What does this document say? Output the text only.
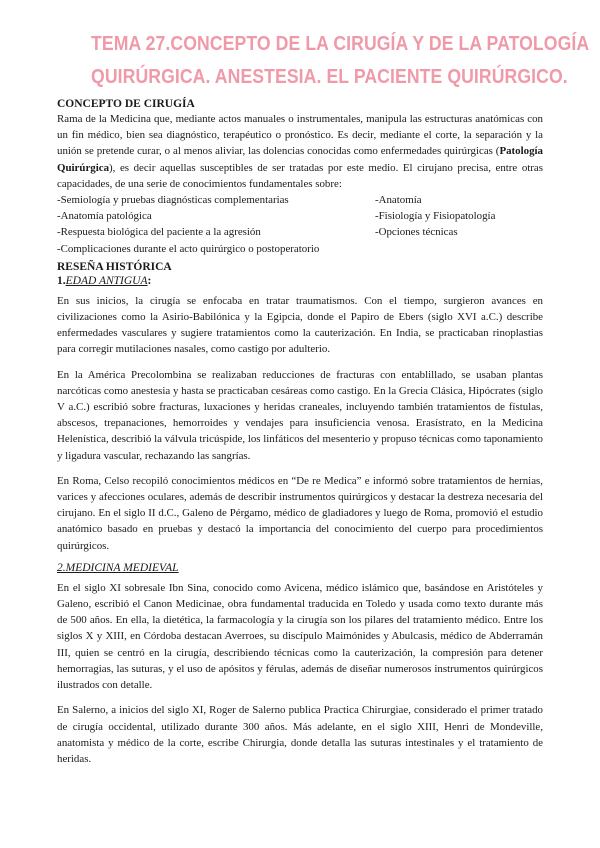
TEMA 27.CONCEPTO DE LA CIRUGÍA Y DE LA PATOLOGÍA
QUIRÚRGICA. ANESTESIA. EL PACIENTE QUIRÚRGICO.
CONCEPTO DE CIRUGÍA

Rama de la Medicina que, mediante actos manuales o instrumentales, manipula las estructuras anatómicas con un fin médico, bien sea diagnóstico, terapéutico o pronóstico. Es decir, mediante el corte, la separación y la unión se pretende curar, o al menos aliviar, las dolencias conocidas como enfermedades quirúrgicas (Patología Quirúrgica), es decir aquellas susceptibles de ser tratadas por este medio. El cirujano precisa, entre otras capacidades, de una serie de conocimientos fundamentales sobre:

-Semiología y pruebas diagnósticas complementarias	-Anatomía
-Anatomía patológica	-Fisiología y Fisiopatología
-Respuesta biológica del paciente a la agresión	-Opciones técnicas
-Complicaciones durante el acto quirúrgico o postoperatorio
RESEÑA HISTÓRICA
1.EDAD ANTIGUA:

En sus inicios, la cirugía se enfocaba en tratar traumatismos. Con el tiempo, surgieron avances en civilizaciones como la Asirio-Babilónica y la Egipcia, donde el Papiro de Ebers (siglo XVI a.C.) describe enfermedades vasculares y sugiere tratamientos como la cauterización. En India, se practicaban rinoplastias para corregir mutilaciones nasales, como castigo por adulterio.

En la América Precolombina se realizaban reducciones de fracturas con entablillado, se usaban plantas narcóticas como anestesia y hasta se practicaban cesáreas como castigo. En la Grecia Clásica, Hipócrates (siglo V a.C.) escribió sobre fracturas, luxaciones y heridas craneales, incluyendo también tratamientos de fístulas, abscesos, trepanaciones, hemorroides y vendajes para insuficiencia venosa. Erasístrato, en la Medicina Helenística, describió la válvula tricúspide, los linfáticos del mesenterio y propuso técnicas como taponamiento y ligadura vascular, rechazando las sangrías.

En Roma, Celso recopiló conocimientos médicos en “De re Medica” e informó sobre tratamientos de hernias, varices y afecciones oculares, además de describir instrumentos quirúrgicos y destacar la destreza necesaria del cirujano. En el siglo II d.C., Galeno de Pérgamo, médico de gladiadores y luego de Roma, promovió el estudio anatómico basado en pruebas y destacó la importancia del conocimiento del cuerpo para procedimientos quirúrgicos.

2.MEDICINA MEDIEVAL

En el siglo XI sobresale Ibn Sina, conocido como Avicena, médico islámico que, basándose en Aristóteles y Galeno, escribió el Canon Medicinae, obra fundamental traducida en Toledo y usada como texto durante más de 500 años. En ella, la dietética, la farmacología y la cirugía son los pilares del tratamiento médico. Entre los siglos X y XIII, en Córdoba destacan Averroes, su discípulo Maimónides y Abulcasis, médico de Abderramán III, quien se centró en la cirugía, describiendo técnicas como la cauterización, la compresión para detener hemorragias, las suturas, y el uso de apósitos y férulas, además de diseñar numerosos instrumentos quirúrgicos ilustrados con detalle.

En Salerno, a inicios del siglo XI, Roger de Salerno publica Practica Chirurgiae, considerado el primer tratado de cirugía occidental, utilizado durante 300 años. Más adelante, en el siglo XIII, Henri de Mondeville, anatomista y médico de la corte, escribe Chirurgia, donde detalla las suturas intestinales y el tratamiento de heridas.
